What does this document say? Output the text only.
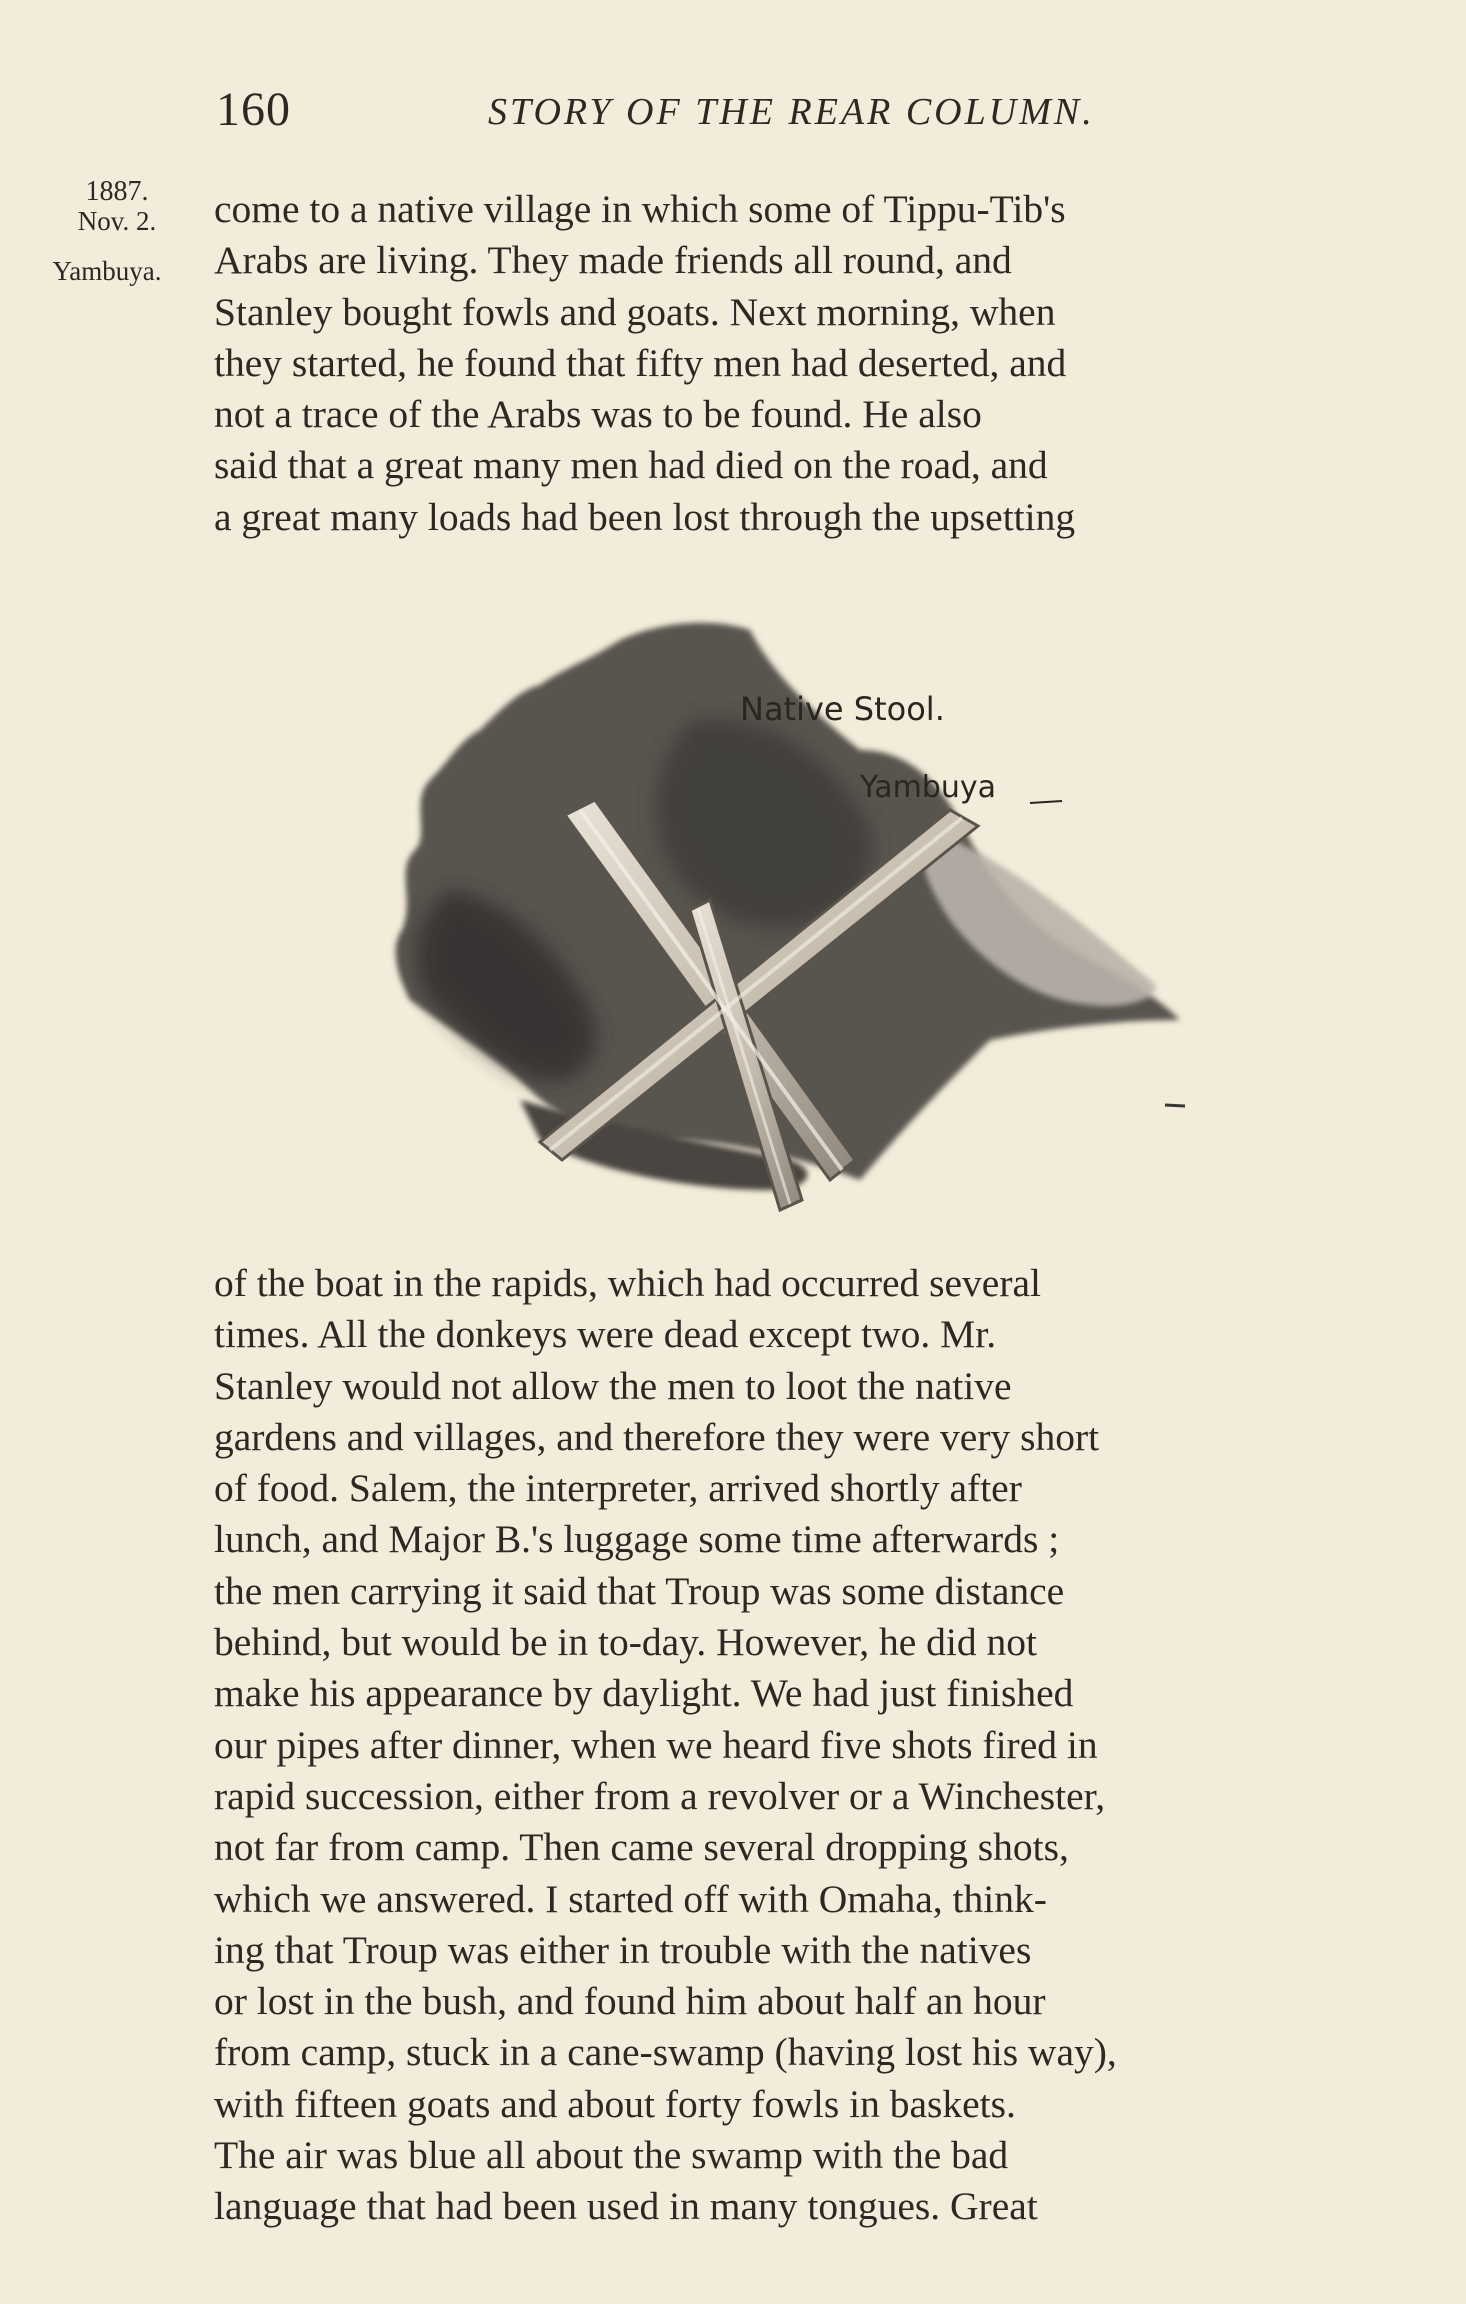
160	STORY OF THE REAR COLUMN.
1887.
Nov. 2.
Yambuya.
come to a native village in which some of Tippu-Tib's
Arabs are living. They made friends all round, and
Stanley bought fowls and goats. Next morning, when
they started, he found that fifty men had deserted, and
not a trace of the Arabs was to be found. He also
said that a great many men had died on the road, and
a great many loads had been lost through the upsetting
Native Stool.
Yambuya
of the boat in the rapids, which had occurred several
times. All the donkeys were dead except two. Mr.
Stanley would not allow the men to loot the native
gardens and villages, and therefore they were very short
of food. Salem, the interpreter, arrived shortly after
lunch, and Major B.'s luggage some time afterwards ;
the men carrying it said that Troup was some distance
behind, but would be in to-day. However, he did not
make his appearance by daylight. We had just finished
our pipes after dinner, when we heard five shots fired in
rapid succession, either from a revolver or a Winchester,
not far from camp. Then came several dropping shots,
which we answered. I started off with Omaha, think-
ing that Troup was either in trouble with the natives
or lost in the bush, and found him about half an hour
from camp, stuck in a cane-swamp (having lost his way),
with fifteen goats and about forty fowls in baskets.
The air was blue all about the swamp with the bad
language that had been used in many tongues. Great
